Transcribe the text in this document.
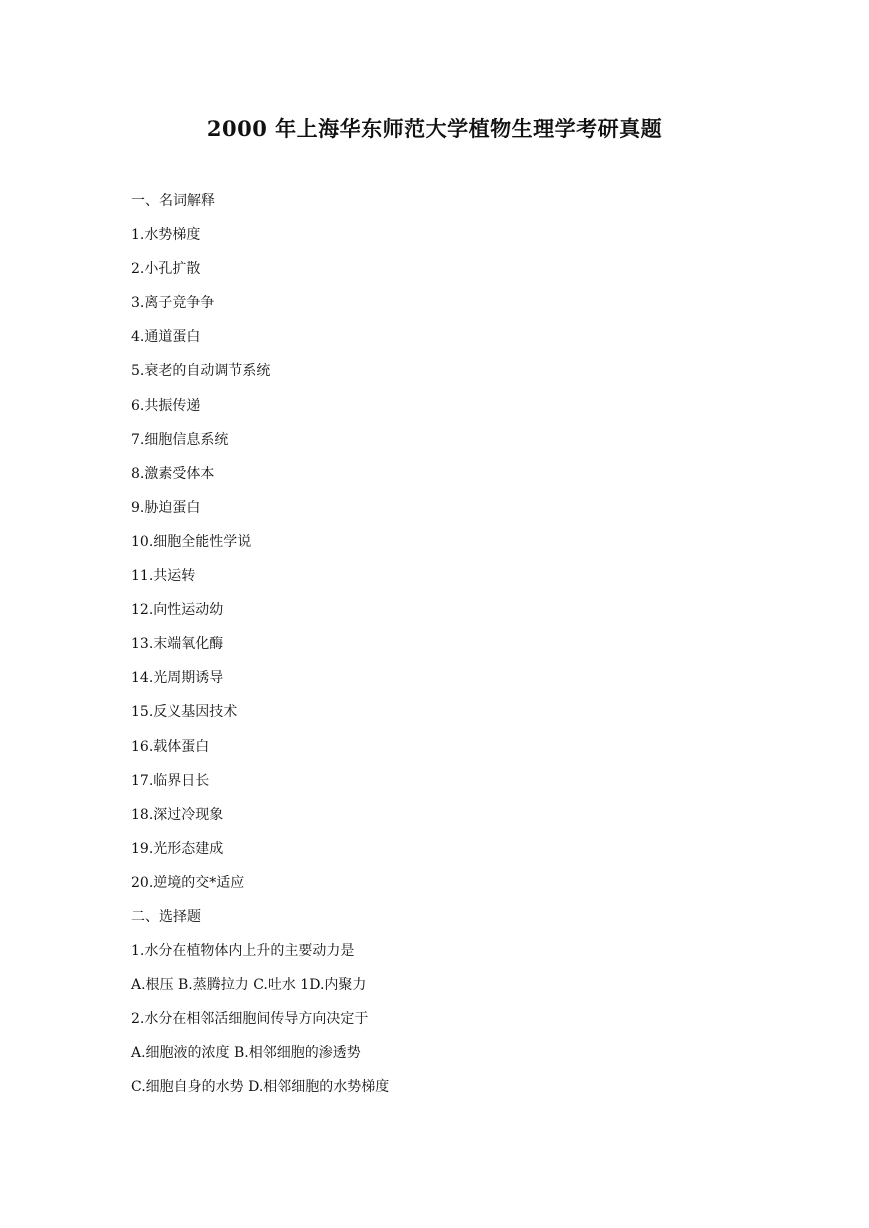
2000 年上海华东师范大学植物生理学考研真题
一、名词解释
1.水势梯度
2.小孔扩散
3.离子竞争争
4.通道蛋白
5.衰老的自动调节系统
6.共振传递
7.细胞信息系统
8.激素受体本
9.胁迫蛋白
10.细胞全能性学说
11.共运转
12.向性运动幼
13.末端氧化酶
14.光周期诱导
15.反义基因技术
16.载体蛋白
17.临界日长
18.深过冷现象
19.光形态建成
20.逆境的交*适应
二、选择题
1.水分在植物体内上升的主要动力是
A.根压 B.蒸腾拉力 C.吐水 1D.内聚力
2.水分在相邻活细胞间传导方向决定于
A.细胞液的浓度 B.相邻细胞的渗透势
C.细胞自身的水势 D.相邻细胞的水势梯度
